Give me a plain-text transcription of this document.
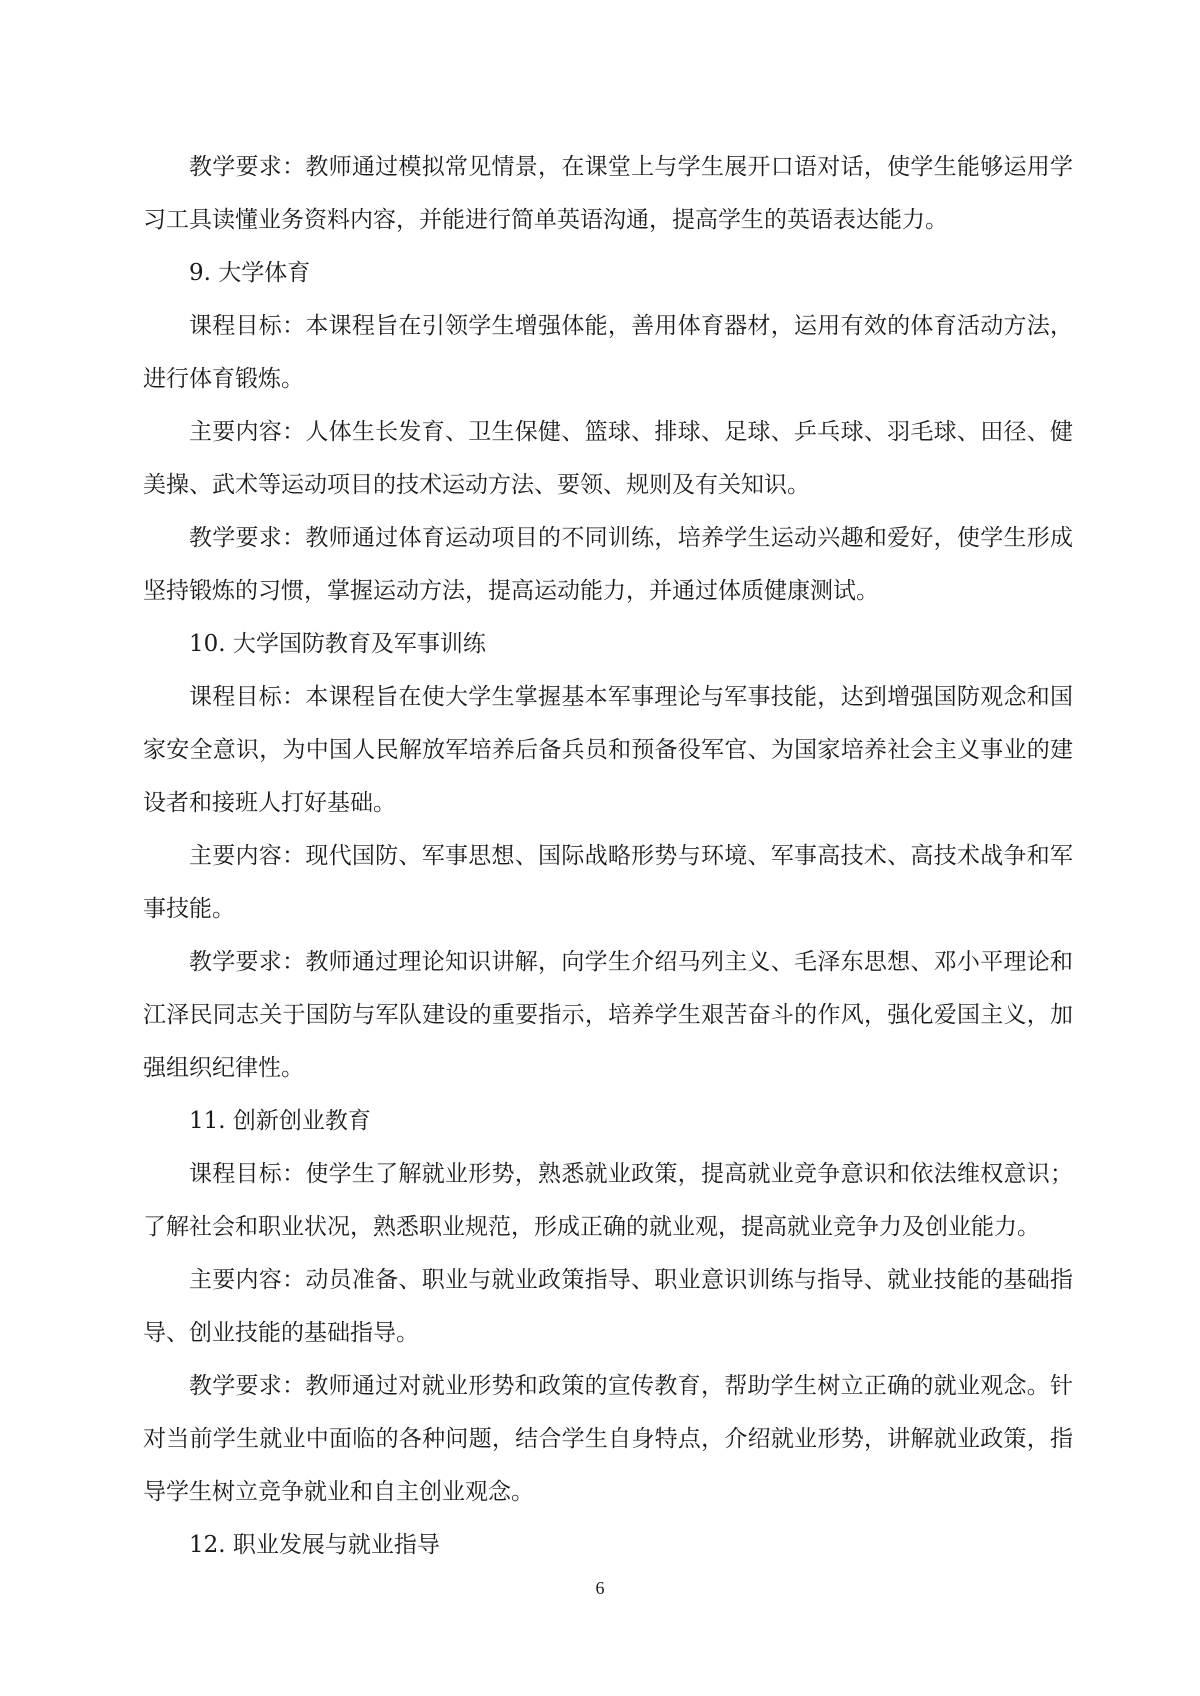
教学要求：教师通过模拟常见情景，在课堂上与学生展开口语对话，使学生能够运用学习工具读懂业务资料内容，并能进行简单英语沟通，提高学生的英语表达能力。

9. 大学体育

课程目标：本课程旨在引领学生增强体能，善用体育器材，运用有效的体育活动方法，进行体育锻炼。

主要内容：人体生长发育、卫生保健、篮球、排球、足球、乒乓球、羽毛球、田径、健美操、武术等运动项目的技术运动方法、要领、规则及有关知识。

教学要求：教师通过体育运动项目的不同训练，培养学生运动兴趣和爱好，使学生形成坚持锻炼的习惯，掌握运动方法，提高运动能力，并通过体质健康测试。

10. 大学国防教育及军事训练

课程目标：本课程旨在使大学生掌握基本军事理论与军事技能，达到增强国防观念和国家安全意识，为中国人民解放军培养后备兵员和预备役军官、为国家培养社会主义事业的建设者和接班人打好基础。

主要内容：现代国防、军事思想、国际战略形势与环境、军事高技术、高技术战争和军事技能。

教学要求：教师通过理论知识讲解，向学生介绍马列主义、毛泽东思想、邓小平理论和江泽民同志关于国防与军队建设的重要指示，培养学生艰苦奋斗的作风，强化爱国主义，加强组织纪律性。

11. 创新创业教育

课程目标：使学生了解就业形势，熟悉就业政策，提高就业竞争意识和依法维权意识；了解社会和职业状况，熟悉职业规范，形成正确的就业观，提高就业竞争力及创业能力。

主要内容：动员准备、职业与就业政策指导、职业意识训练与指导、就业技能的基础指导、创业技能的基础指导。

教学要求：教师通过对就业形势和政策的宣传教育，帮助学生树立正确的就业观念。针对当前学生就业中面临的各种问题，结合学生自身特点，介绍就业形势，讲解就业政策，指导学生树立竞争就业和自主创业观念。

12. 职业发展与就业指导

6
